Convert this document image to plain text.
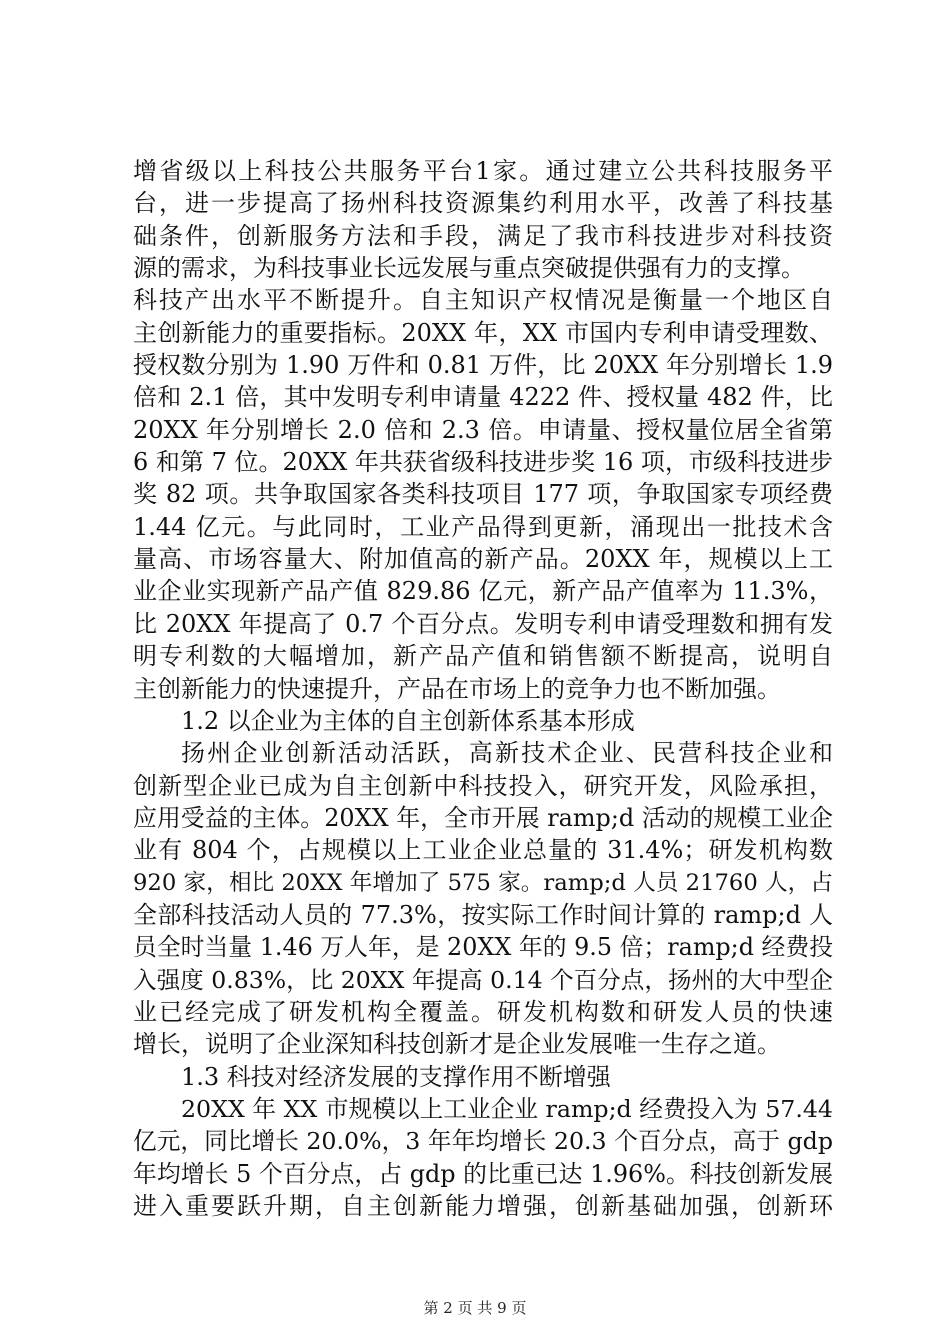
增省级以上科技公共服务平台1家。通过建立公共科技服务平
台，进一步提高了扬州科技资源集约利用水平，改善了科技基
础条件，创新服务方法和手段，满足了我市科技进步对科技资
源的需求，为科技事业长远发展与重点突破提供强有力的支撑。
科技产出水平不断提升。自主知识产权情况是衡量一个地区自
主创新能力的重要指标。20XX 年，XX 市国内专利申请受理数、
授权数分别为 1.90 万件和 0.81 万件，比 20XX 年分别增长 1.9
倍和 2.1 倍，其中发明专利申请量 4222 件、授权量 482 件，比
20XX 年分别增长 2.0 倍和 2.3 倍。申请量、授权量位居全省第
6 和第 7 位。20XX 年共获省级科技进步奖 16 项，市级科技进步
奖 82 项。共争取国家各类科技项目 177 项，争取国家专项经费
1.44 亿元。与此同时，工业产品得到更新，涌现出一批技术含
量高、市场容量大、附加值高的新产品。20XX 年，规模以上工
业企业实现新产品产值 829.86 亿元，新产品产值率为 11.3%，
比 20XX 年提高了 0.7 个百分点。发明专利申请受理数和拥有发
明专利数的大幅增加，新产品产值和销售额不断提高，说明自
主创新能力的快速提升，产品在市场上的竞争力也不断加强。
1.2 以企业为主体的自主创新体系基本形成
扬州企业创新活动活跃，高新技术企业、民营科技企业和
创新型企业已成为自主创新中科技投入，研究开发，风险承担，
应用受益的主体。20XX 年，全市开展 ramp;d 活动的规模工业企
业有 804 个，占规模以上工业企业总量的 31.4%；研发机构数
920 家，相比 20XX 年增加了 575 家。ramp;d 人员 21760 人，占
全部科技活动人员的 77.3%，按实际工作时间计算的 ramp;d 人
员全时当量 1.46 万人年，是 20XX 年的 9.5 倍；ramp;d 经费投
入强度 0.83%，比 20XX 年提高 0.14 个百分点，扬州的大中型企
业已经完成了研发机构全覆盖。研发机构数和研发人员的快速
增长，说明了企业深知科技创新才是企业发展唯一生存之道。
1.3 科技对经济发展的支撑作用不断增强
20XX 年 XX 市规模以上工业企业 ramp;d 经费投入为 57.44
亿元，同比增长 20.0%，3 年年均增长 20.3 个百分点，高于 gdp
年均增长 5 个百分点，占 gdp 的比重已达 1.96%。科技创新发展
进入重要跃升期，自主创新能力增强，创新基础加强，创新环
第 2 页 共 9 页
